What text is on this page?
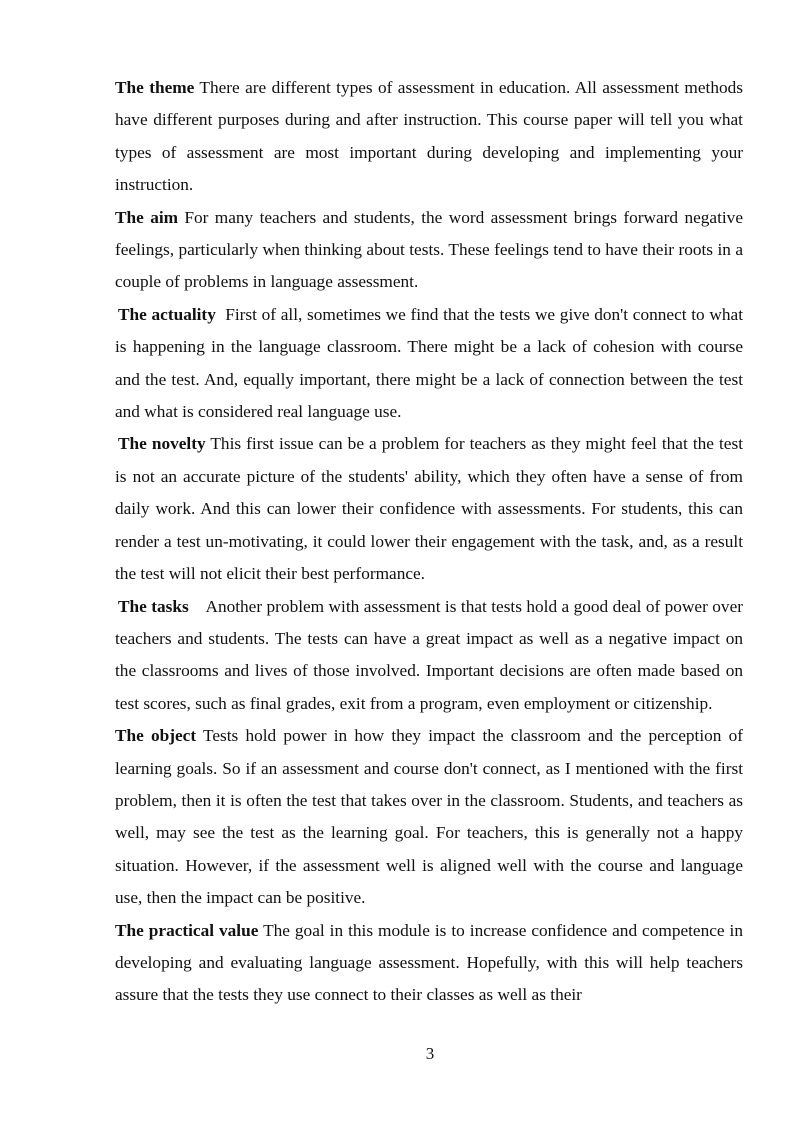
The theme There are different types of assessment in education. All assessment methods have different purposes during and after instruction. This course paper will tell you what types of assessment are most important during developing and implementing your instruction.

The aim For many teachers and students, the word assessment brings forward negative feelings, particularly when thinking about tests. These feelings tend to have their roots in a couple of problems in language assessment.

The actuality  First of all, sometimes we find that the tests we give don't connect to what is happening in the language classroom. There might be a lack of cohesion with course and the test. And, equally important, there might be a lack of connection between the test and what is considered real language use.

The novelty This first issue can be a problem for teachers as they might feel that the test is not an accurate picture of the students' ability, which they often have a sense of from daily work. And this can lower their confidence with assessments. For students, this can render a test un-motivating, it could lower their engagement with the task, and, as a result the test will not elicit their best performance.

The tasks    Another problem with assessment is that tests hold a good deal of power over teachers and students. The tests can have a great impact as well as a negative impact on the classrooms and lives of those involved. Important decisions are often made based on test scores, such as final grades, exit from a program, even employment or citizenship.

The object Tests hold power in how they impact the classroom and the perception of learning goals. So if an assessment and course don't connect, as I mentioned with the first problem, then it is often the test that takes over in the classroom. Students, and teachers as well, may see the test as the learning goal. For teachers, this is generally not a happy situation. However, if the assessment well is aligned well with the course and language use, then the impact can be positive.

The practical value The goal in this module is to increase confidence and competence in developing and evaluating language assessment. Hopefully, with this will help teachers assure that the tests they use connect to their classes as well as their

3
